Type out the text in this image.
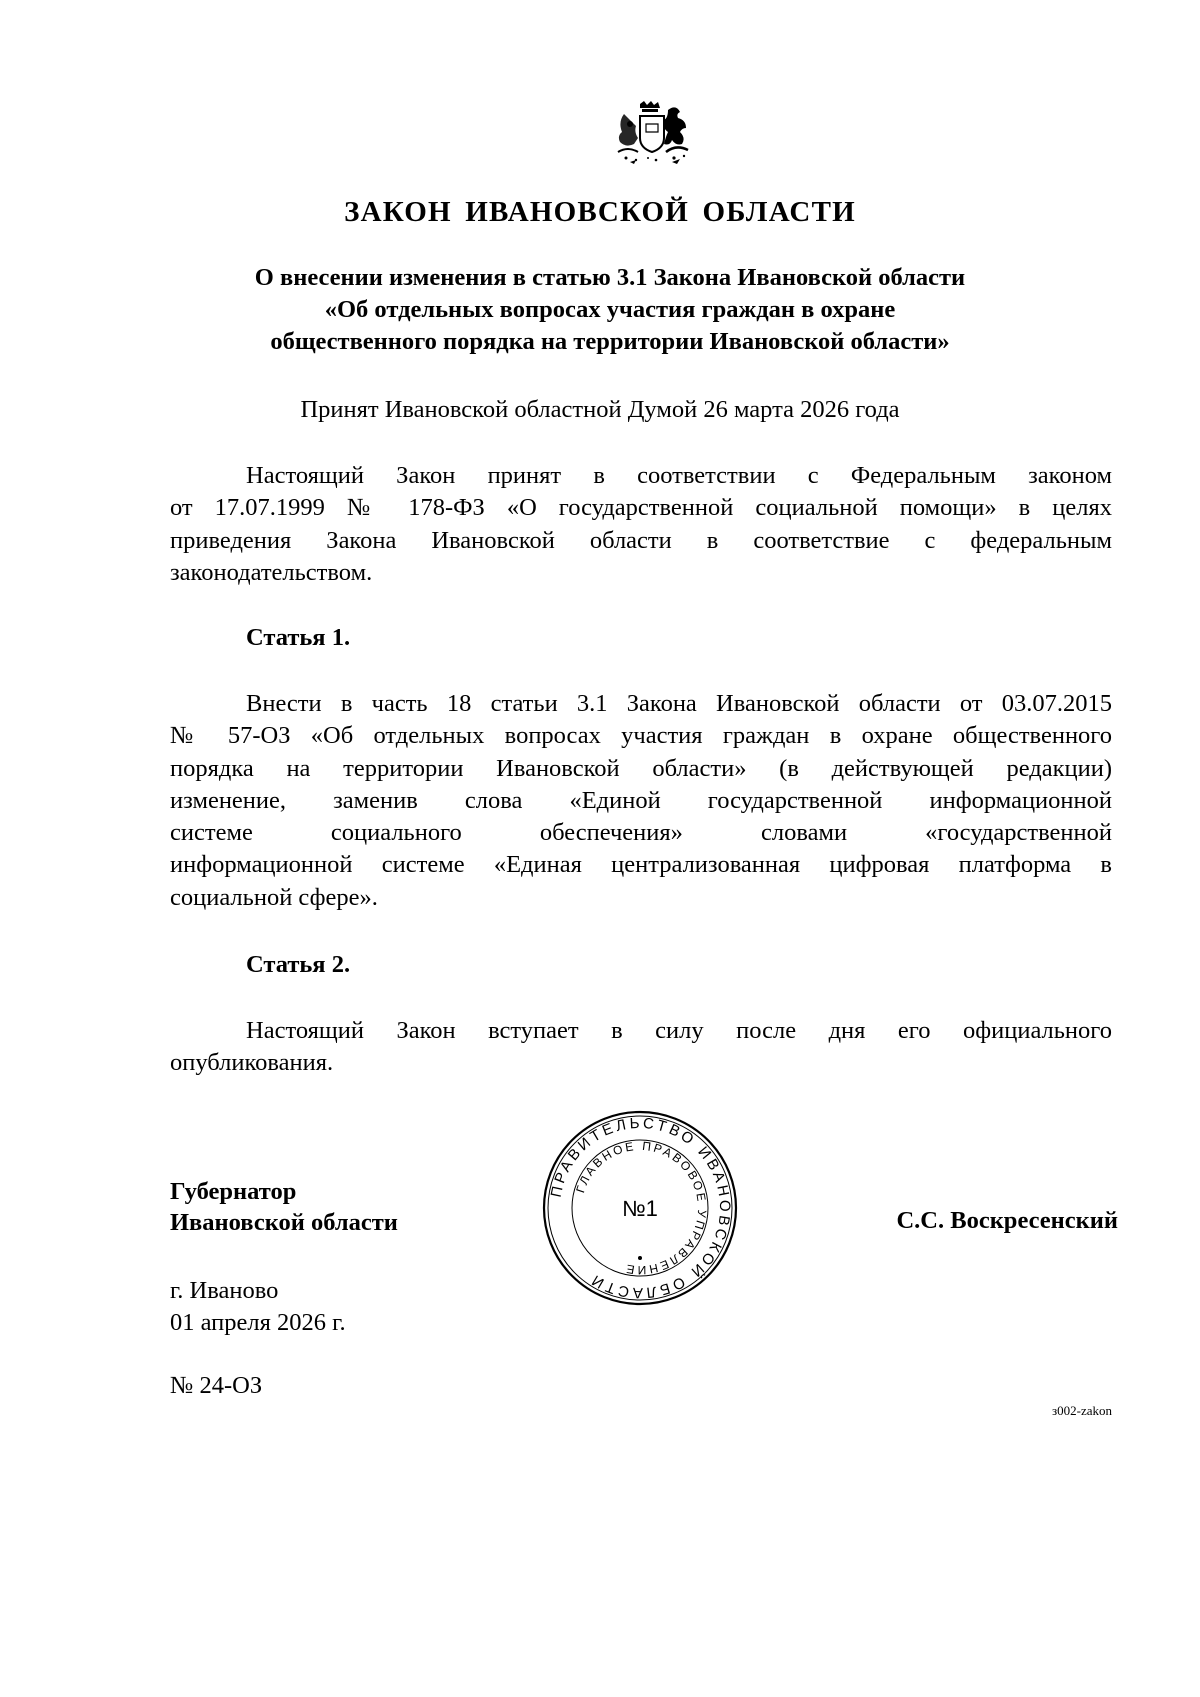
ЗАКОН ИВАНОВСКОЙ ОБЛАСТИ
О внесении изменения в статью 3.1 Закона Ивановской области
«Об отдельных вопросах участия граждан в охране
общественного порядка на территории Ивановской области»
Принят Ивановской областной Думой 26 марта 2026 года
Настоящий Закон принят в соответствии с Федеральным законом
от 17.07.1999 № 178-ФЗ «О государственной социальной помощи» в целях
приведения Закона Ивановской области в соответствие с федеральным
законодательством.
Статья 1.
Внести в часть 18 статьи 3.1 Закона Ивановской области от 03.07.2015
№ 57-ОЗ «Об отдельных вопросах участия граждан в охране общественного
порядка на территории Ивановской области» (в действующей редакции)
изменение, заменив слова «Единой государственной информационной
системе социального обеспечения» словами «государственной
информационной системе «Единая централизованная цифровая платформа в
социальной сфере».
Статья 2.
Настоящий Закон вступает в силу после дня его официального
опубликования.
Губернатор
Ивановской области
ПРАВИТЕЛЬСТВО ИВАНОВСКОЙ ОБЛАСТИ
ГЛАВНОЕ ПРАВОВОЕ УПРАВЛЕНИЕ
№1	С.С. Воскресенский
г. Иваново
01 апреля 2026 г.
№ 24-ОЗ
з002-zakon
